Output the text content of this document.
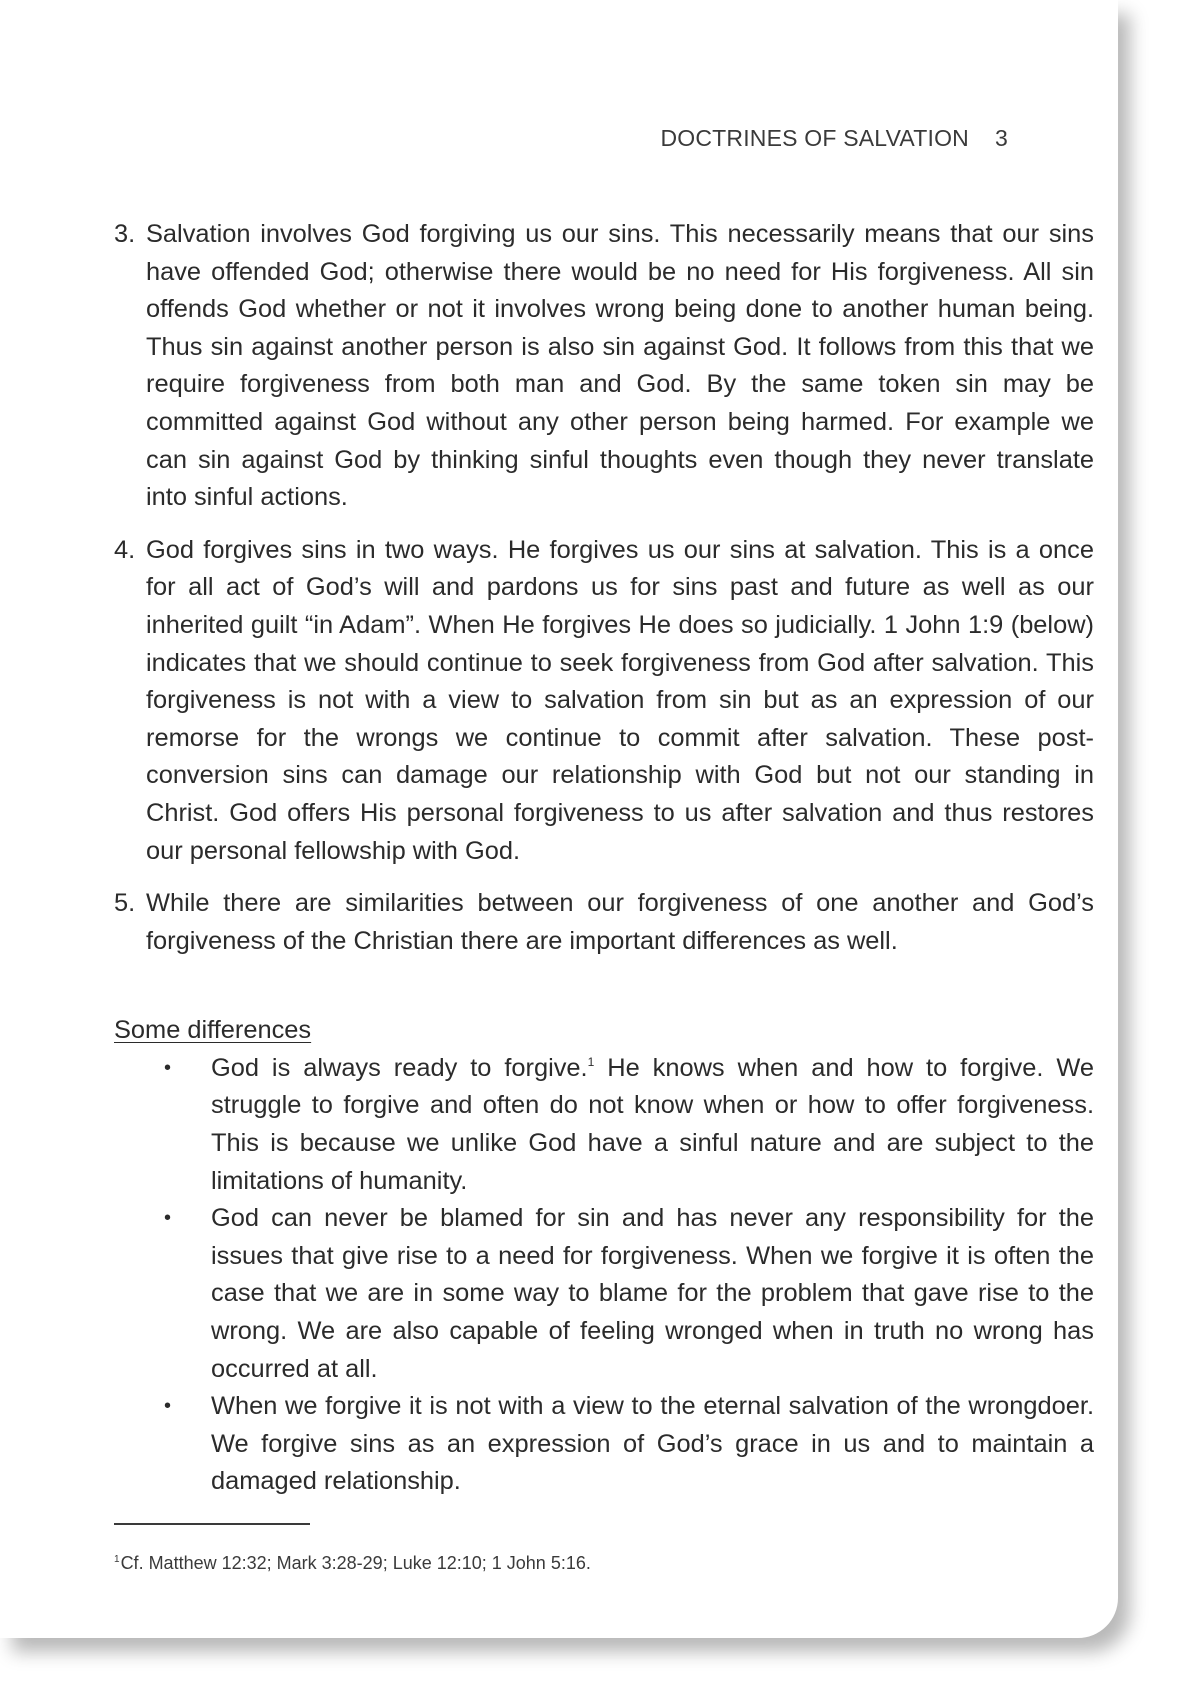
DOCTRINES OF SALVATION 3
3. Salvation involves God forgiving us our sins. This necessarily means that our sins have offended God; otherwise there would be no need for His forgiveness. All sin offends God whether or not it involves wrong being done to another human being. Thus sin against another person is also sin against God. It follows from this that we require forgiveness from both man and God. By the same token sin may be committed against God without any other person being harmed. For example we can sin against God by thinking sinful thoughts even though they never translate into sinful actions.
4. God forgives sins in two ways. He forgives us our sins at salvation. This is a once for all act of God’s will and pardons us for sins past and future as well as our inherited guilt “in Adam”. When He forgives He does so judicially. 1 John 1:9 (below) indicates that we should continue to seek forgiveness from God after salvation. This forgiveness is not with a view to salvation from sin but as an expression of our remorse for the wrongs we continue to commit after salvation. These post-conversion sins can damage our relationship with God but not our standing in Christ. God offers His personal forgiveness to us after salvation and thus restores our personal fellowship with God.
5. While there are similarities between our forgiveness of one another and God’s forgiveness of the Christian there are important differences as well.
Some differences
• God is always ready to forgive.$^1$ He knows when and how to forgive. We struggle to forgive and often do not know when or how to offer forgiveness. This is because we unlike God have a sinful nature and are subject to the limitations of humanity.
• God can never be blamed for sin and has never any responsibility for the issues that give rise to a need for forgiveness. When we forgive it is often the case that we are in some way to blame for the problem that gave rise to the wrong. We are also capable of feeling wronged when in truth no wrong has occurred at all.
• When we forgive it is not with a view to the eternal salvation of the wrongdoer. We forgive sins as an expression of God’s grace in us and to maintain a damaged relationship.
$^1$Cf. Matthew 12:32; Mark 3:28-29; Luke 12:10; 1 John 5:16.
